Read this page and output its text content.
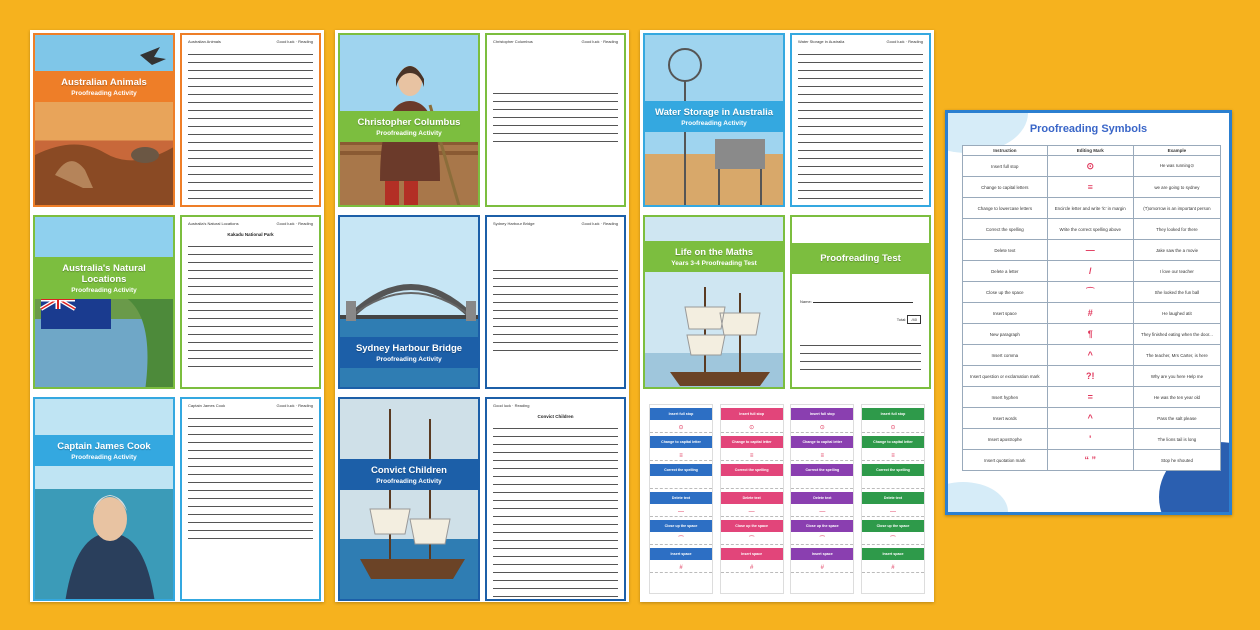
Australian Animals
Proofreading Activity
Australian Animals	Good luck · Reading
Australia's Natural Locations
Proofreading Activity
Australia's Natural Locations	Good luck · Reading
Kakadu National Park
Captain James Cook
Proofreading Activity
Captain James Cook	Good luck · Reading
Christopher Columbus
Proofreading Activity
Christopher Columbus	Good luck · Reading
Sydney Harbour Bridge
Proofreading Activity
Sydney Harbour Bridge	Good luck · Reading
Convict Children
Proofreading Activity
Good luck · Reading
Convict Children
Water Storage in Australia
Proofreading Activity
Water Storage in Australia	Good luck · Reading
Life on the Maths
Years 3-4 Proofreading Test	Proofreading Test
Name:
Total: /40
Insert full stop
⊙
Change to capital letter
≡
Correct the spelling
Delete text
—
Close up the space
⁀
Insert space
#
Insert full stop
⊙
Change to capital letter
≡
Correct the spelling
Delete text
—
Close up the space
⁀
Insert space
#
Insert full stop
⊙
Change to capital letter
≡
Correct the spelling
Delete text
—
Close up the space
⁀
Insert space
#
Insert full stop
⊙
Change to capital letter
≡
Correct the spelling
Delete text
—
Close up the space
⁀
Insert space
#
Proofreading Symbols
Instruction	Editing Mark	Example
Insert full stop	⊙	He was running⊙
Change to capital letters	≡	we are going to sydney
Change to lowercase letters	Encircle letter and write 'lc' in margin	(T)omorrow is an important person
Correct the spelling	Write the correct spelling above	They looked for there
Delete text	—	Jake saw the a movie
Delete a letter	/	I love our teacher
Close up the space	⁀	She looked the fun ball
Insert space	#	He laughed atit
New paragraph	¶	They finished eating when the door...
Insert comma	^	The teacher, Mrs Carter, is here
Insert question or exclamation mark	?!	Why are you here Help me
Insert hyphen	=	He was the ten year old
Insert words	^	Pass the salt please
Insert apostrophe	'	The lions tail is long
Insert quotation mark	“ ”	Stop he shouted
